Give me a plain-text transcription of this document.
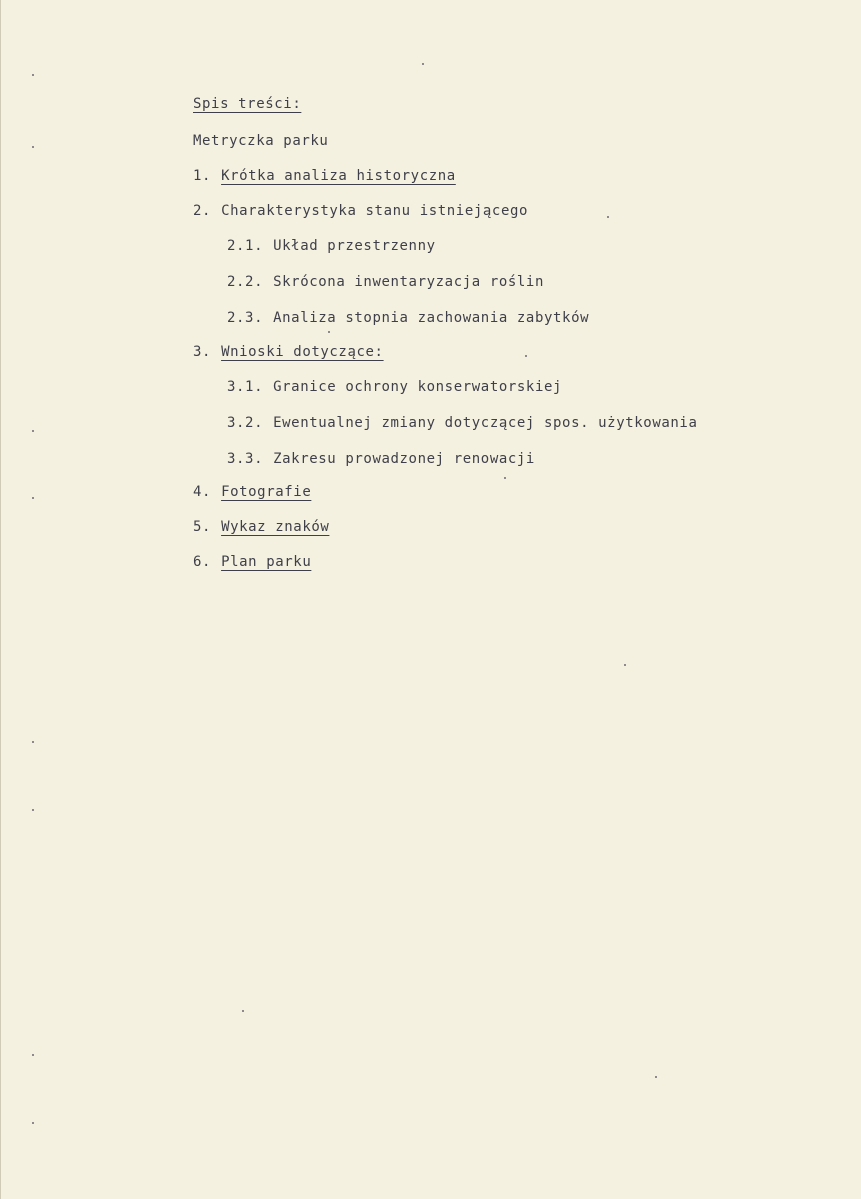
Spis treści:
Metryczka parku
1. Krótka analiza historyczna
2. Charakterystyka stanu istniejącego
2.1. Układ przestrzenny
2.2. Skrócona inwentaryzacja roślin
2.3. Analiza stopnia zachowania zabytków
3. Wnioski dotyczące:
3.1. Granice ochrony konserwatorskiej
3.2. Ewentualnej zmiany dotyczącej spos. użytkowania
3.3. Zakresu prowadzonej renowacji
4. Fotografie
5. Wykaz znaków
6. Plan parku
